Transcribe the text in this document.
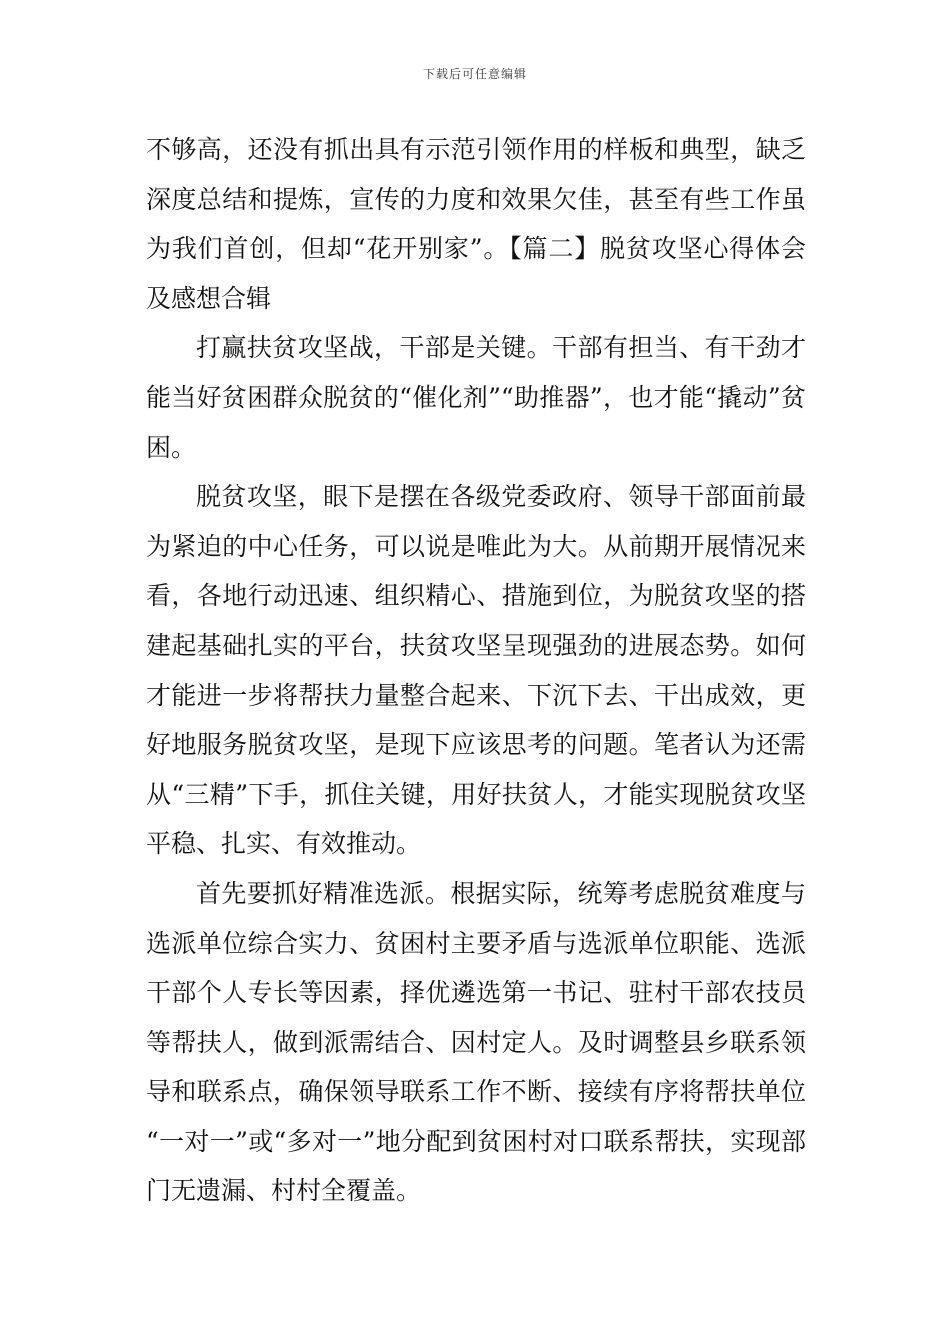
下载后可任意编辑

不够高，还没有抓出具有示范引领作用的样板和典型，缺乏深度总结和提炼，宣传的力度和效果欠佳，甚至有些工作虽为我们首创，但却“花开别家”。【篇二】脱贫攻坚心得体会及感想合辑

打赢扶贫攻坚战，干部是关键。干部有担当、有干劲才能当好贫困群众脱贫的“催化剂”“助推器”，也才能“撬动”贫困。

脱贫攻坚，眼下是摆在各级党委政府、领导干部面前最为紧迫的中心任务，可以说是唯此为大。从前期开展情况来看，各地行动迅速、组织精心、措施到位，为脱贫攻坚的搭建起基础扎实的平台，扶贫攻坚呈现强劲的进展态势。如何才能进一步将帮扶力量整合起来、下沉下去、干出成效，更好地服务脱贫攻坚，是现下应该思考的问题。笔者认为还需从“三精”下手，抓住关键，用好扶贫人，才能实现脱贫攻坚平稳、扎实、有效推动。

首先要抓好精准选派。根据实际，统筹考虑脱贫难度与选派单位综合实力、贫困村主要矛盾与选派单位职能、选派干部个人专长等因素，择优遴选第一书记、驻村干部农技员等帮扶人，做到派需结合、因村定人。及时调整县乡联系领导和联系点，确保领导联系工作不断、接续有序将帮扶单位“一对一”或“多对一”地分配到贫困村对口联系帮扶，实现部门无遗漏、村村全覆盖。
